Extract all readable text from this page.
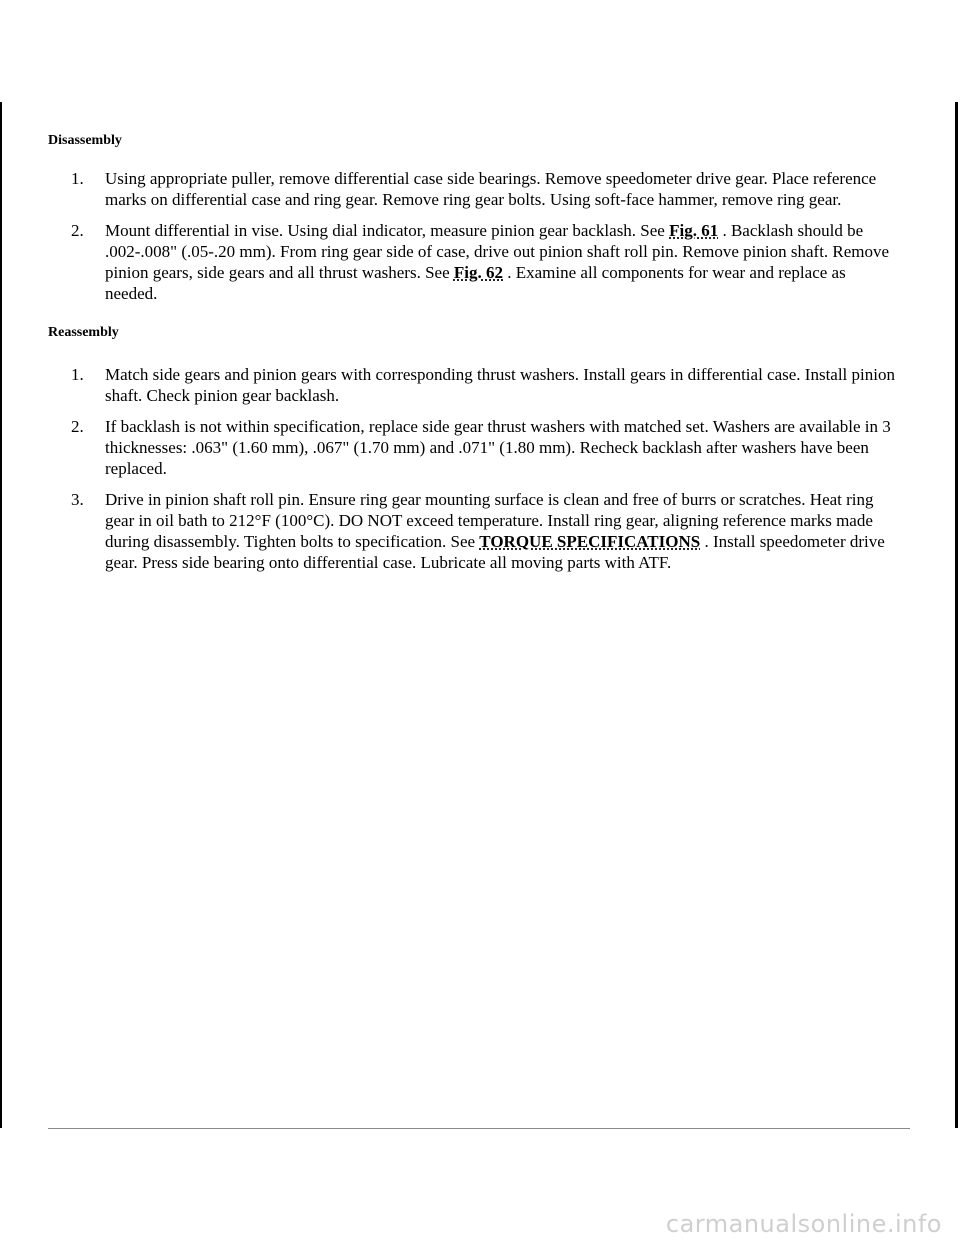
Disassembly
1. Using appropriate puller, remove differential case side bearings. Remove speedometer drive gear. Place reference marks on differential case and ring gear. Remove ring gear bolts. Using soft-face hammer, remove ring gear.
2. Mount differential in vise. Using dial indicator, measure pinion gear backlash. See Fig. 61 . Backlash should be .002-.008" (.05-.20 mm). From ring gear side of case, drive out pinion shaft roll pin. Remove pinion shaft. Remove pinion gears, side gears and all thrust washers. See Fig. 62 . Examine all components for wear and replace as needed.
Reassembly
1. Match side gears and pinion gears with corresponding thrust washers. Install gears in differential case. Install pinion shaft. Check pinion gear backlash.
2. If backlash is not within specification, replace side gear thrust washers with matched set. Washers are available in 3 thicknesses: .063" (1.60 mm), .067" (1.70 mm) and .071" (1.80 mm). Recheck backlash after washers have been replaced.
3. Drive in pinion shaft roll pin. Ensure ring gear mounting surface is clean and free of burrs or scratches. Heat ring gear in oil bath to 212°F (100°C). DO NOT exceed temperature. Install ring gear, aligning reference marks made during disassembly. Tighten bolts to specification. See TORQUE SPECIFICATIONS . Install speedometer drive gear. Press side bearing onto differential case. Lubricate all moving parts with ATF.
carmanualsonline.info
